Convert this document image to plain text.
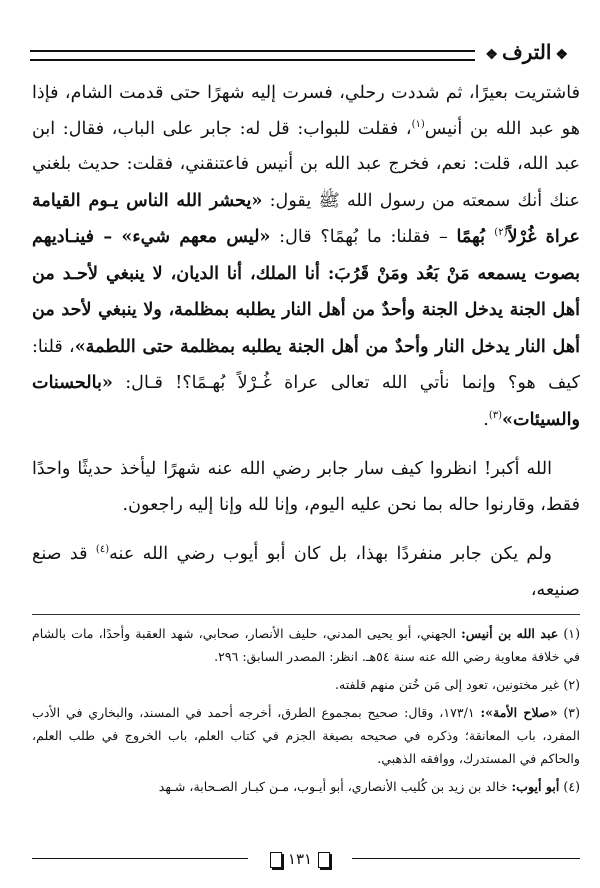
❖الترف❖

فاشتريت بعيرًا، ثم شددت رحلي، فسرت إليه شهرًا حتى قدمت الشام، فإذا هو عبد الله بن أنيس$^{(١)}$، فقلت للبواب: قل له: جابر على الباب، فقال: ابن عبد الله، قلت: نعم، فخرج عبد الله بن أنيس فاعتنقني، فقلت: حديث بلغني عنك أنك سمعته من رسول الله ﷺ يقول: «يحشر الله الناس يـوم القيامة عراة غُرْلاً$^{(٢)}$ بُهمًا – فقلنا: ما بُهمًا؟ قال: «ليس معهم شيء» – فينـاديهم بصوت يسمعه مَنْ بَعُد ومَنْ قَرُبَ: أنا الملك، أنا الديان، لا ينبغي لأحـد من أهل الجنة يدخل الجنة وأحدٌ من أهل النار يطلبه بمظلمة، ولا ينبغي لأحد من أهل النار يدخل النار وأحدٌ من أهل الجنة يطلبه بمظلمة حتى اللطمة»، قلنا: كيف هو؟ وإنما نأتي الله تعالى عراة غُـرْلاً بُهـمًا؟! قـال: «بالحسنات والسيئات»$^{(٣)}$.

الله أكبر! انظروا كيف سار جابر رضي الله عنه شهرًا ليأخذ حديثًا واحدًا فقط، وقارنوا حاله بما نحن عليه اليوم، وإنا لله وإنا إليه راجعون.

ولم يكن جابر منفردًا بهذا، بل كان أبو أيوب رضي الله عنه$^{(٤)}$ قد صنع صنيعه،

(١) عبد الله بن أنيس: الجهني، أبو يحيى المدني، حليف الأنصار، صحابي، شهد العقبة وأحدًا، مات بالشام في خلافة معاوية رضي الله عنه سنة ٥٤هـ. انظر: المصدر السابق: ٢٩٦.

(٢) غير مختونين، تعود إلى مَن خُتن منهم قلفته.

(٣) «صلاح الأمة»: ١٧٣/١، وقال: صحيح بمجموع الطرق، أخرجه أحمد في المسند، والبخاري في الأدب المفرد، باب المعانقة؛ وذكره في صحيحه بصيغة الجزم في كتاب العلم، باب الخروج في طلب العلم، والحاكم في المستدرك، ووافقه الذهبي.

(٤) أبو أيوب: خالد بن زيد بن كُليب الأنصاري، أبو أيـوب، مـن كبـار الصـحابة، شـهد

١٣١
